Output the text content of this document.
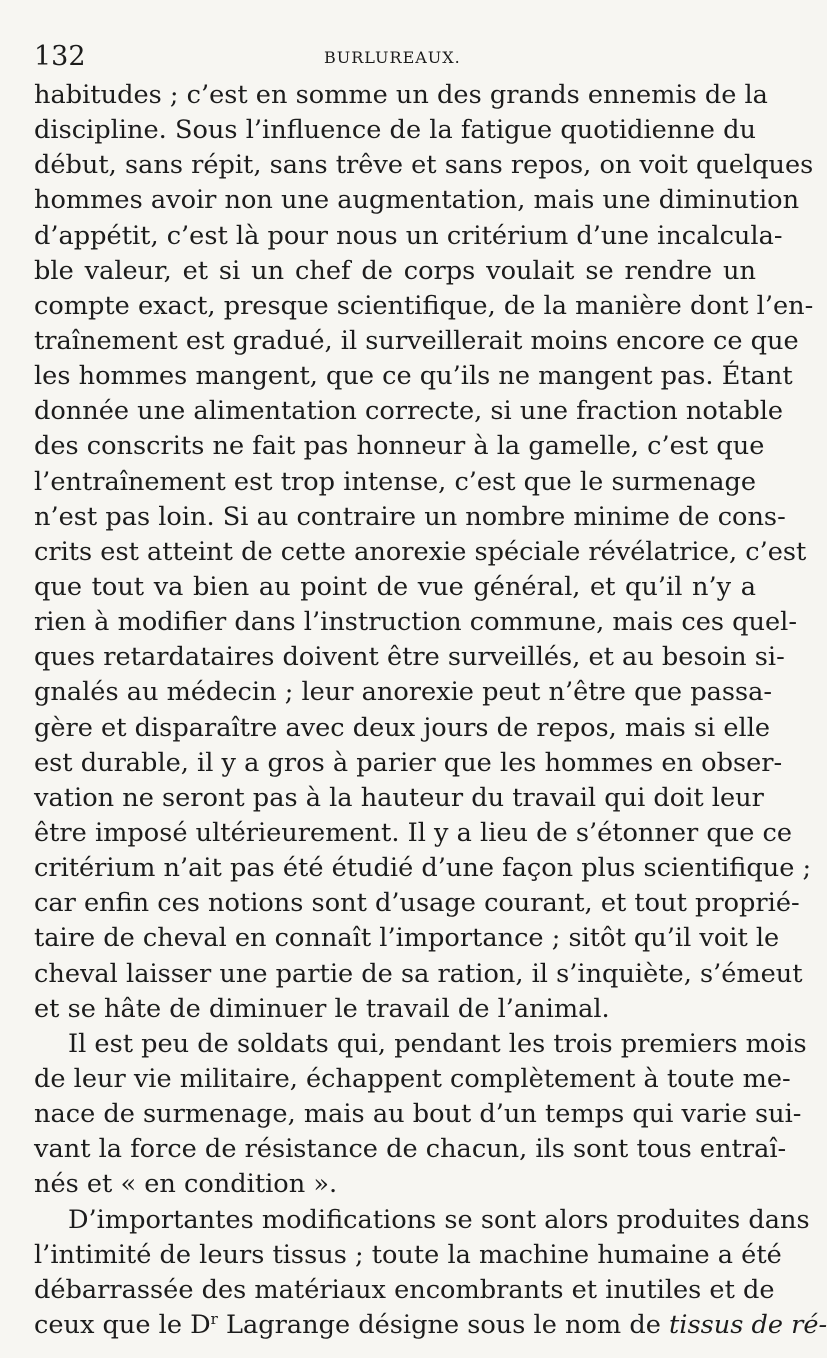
132	BURLUREAUX.
habitudes ; c’est en somme un des grands ennemis de la
discipline. Sous l’influence de la fatigue quotidienne du
début, sans répit, sans trêve et sans repos, on voit quelques
hommes avoir non une augmentation, mais une diminution
d’appétit, c’est là pour nous un critérium d’une incalcula-
ble valeur, et si un chef de corps voulait se rendre un
compte exact, presque scientifique, de la manière dont l’en-
traînement est gradué, il surveillerait moins encore ce que
les hommes mangent, que ce qu’ils ne mangent pas. Étant
donnée une alimentation correcte, si une fraction notable
des conscrits ne fait pas honneur à la gamelle, c’est que
l’entraînement est trop intense, c’est que le surmenage
n’est pas loin. Si au contraire un nombre minime de cons-
crits est atteint de cette anorexie spéciale révélatrice, c’est
que tout va bien au point de vue général, et qu’il n’y a
rien à modifier dans l’instruction commune, mais ces quel-
ques retardataires doivent être surveillés, et au besoin si-
gnalés au médecin ; leur anorexie peut n’être que passa-
gère et disparaître avec deux jours de repos, mais si elle
est durable, il y a gros à parier que les hommes en obser-
vation ne seront pas à la hauteur du travail qui doit leur
être imposé ultérieurement. Il y a lieu de s’étonner que ce
critérium n’ait pas été étudié d’une façon plus scientifique ;
car enfin ces notions sont d’usage courant, et tout proprié-
taire de cheval en connaît l’importance ; sitôt qu’il voit le
cheval laisser une partie de sa ration, il s’inquiète, s’émeut
et se hâte de diminuer le travail de l’animal.
Il est peu de soldats qui, pendant les trois premiers mois
de leur vie militaire, échappent complètement à toute me-
nace de surmenage, mais au bout d’un temps qui varie sui-
vant la force de résistance de chacun, ils sont tous entraî-
nés et « en condition ».
D’importantes modifications se sont alors produites dans
l’intimité de leurs tissus ; toute la machine humaine a été
débarrassée des matériaux encombrants et inutiles et de
ceux que le $D^r$ Lagrange désigne sous le nom de tissus de ré-
